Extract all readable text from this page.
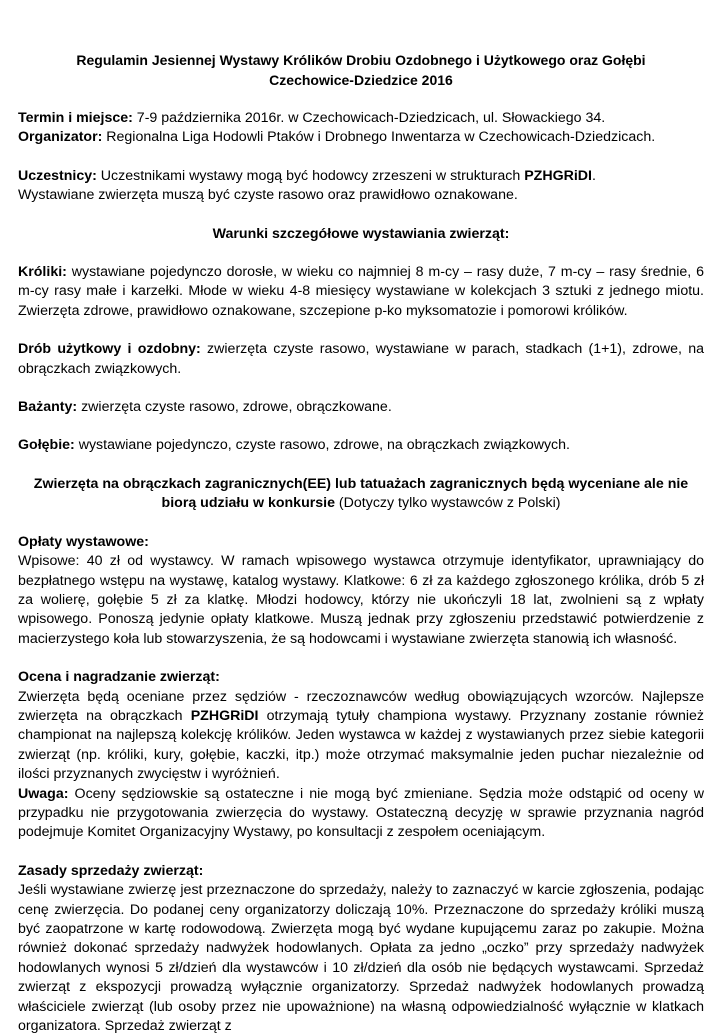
Regulamin Jesiennej Wystawy Królików Drobiu Ozdobnego i Użytkowego oraz Gołębi
Czechowice-Dziedzice 2016

Termin i miejsce: 7-9 października 2016r. w Czechowicach-Dziedzicach, ul. Słowackiego 34.

Organizator: Regionalna Liga Hodowli Ptaków i Drobnego Inwentarza w Czechowicach-Dziedzicach.

Uczestnicy: Uczestnikami wystawy mogą być hodowcy zrzeszeni w strukturach PZHGRiDI.

Wystawiane zwierzęta muszą być czyste rasowo oraz prawidłowo oznakowane.

Warunki szczegółowe wystawiania zwierząt:

Króliki: wystawiane pojedynczo dorosłe, w wieku co najmniej 8 m-cy – rasy duże, 7 m-cy – rasy średnie, 6 m-cy rasy małe i karzełki. Młode w wieku 4-8 miesięcy wystawiane w kolekcjach 3 sztuki z jednego miotu. Zwierzęta zdrowe, prawidłowo oznakowane, szczepione p-ko myksomatozie i pomorowi królików.

Drób użytkowy i ozdobny: zwierzęta czyste rasowo, wystawiane w parach, stadkach (1+1), zdrowe, na obrączkach związkowych.

Bażanty: zwierzęta czyste rasowo, zdrowe, obrączkowane.

Gołębie: wystawiane pojedynczo, czyste rasowo, zdrowe, na obrączkach związkowych.

Zwierzęta na obrączkach zagranicznych(EE) lub tatuażach zagranicznych będą wyceniane ale nie biorą udziału w konkursie (Dotyczy tylko wystawców z Polski)

Opłaty wystawowe:

Wpisowe: 40 zł od wystawcy. W ramach wpisowego wystawca otrzymuje identyfikator, uprawniający do bezpłatnego wstępu na wystawę, katalog wystawy. Klatkowe: 6 zł za każdego zgłoszonego królika, drób 5 zł za wolierę, gołębie 5 zł za klatkę. Młodzi hodowcy, którzy nie ukończyli 18 lat, zwolnieni są z wpłaty wpisowego. Ponoszą jedynie opłaty klatkowe. Muszą jednak przy zgłoszeniu przedstawić potwierdzenie z macierzystego koła lub stowarzyszenia, że są hodowcami i wystawiane zwierzęta stanowią ich własność.

Ocena i nagradzanie zwierząt:

Zwierzęta będą oceniane przez sędziów - rzeczoznawców według obowiązujących wzorców. Najlepsze zwierzęta na obrączkach PZHGRiDI otrzymają tytuły championa wystawy. Przyznany zostanie również championat na najlepszą kolekcję królików. Jeden wystawca w każdej z wystawianych przez siebie kategorii zwierząt (np. króliki, kury, gołębie, kaczki, itp.) może otrzymać maksymalnie jeden puchar niezależnie od ilości przyznanych zwycięstw i wyróżnień.

Uwaga: Oceny sędziowskie są ostateczne i nie mogą być zmieniane. Sędzia może odstąpić od oceny w przypadku nie przygotowania zwierzęcia do wystawy. Ostateczną decyzję w sprawie przyznania nagród podejmuje Komitet Organizacyjny Wystawy, po konsultacji z zespołem oceniającym.

Zasady sprzedaży zwierząt:

Jeśli wystawiane zwierzę jest przeznaczone do sprzedaży, należy to zaznaczyć w karcie zgłoszenia, podając cenę zwierzęcia. Do podanej ceny organizatorzy doliczają 10%. Przeznaczone do sprzedaży króliki muszą być zaopatrzone w kartę rodowodową. Zwierzęta mogą być wydane kupującemu zaraz po zakupie. Można również dokonać sprzedaży nadwyżek hodowlanych. Opłata za jedno „oczko” przy sprzedaży nadwyżek hodowlanych wynosi 5 zł/dzień dla wystawców i 10 zł/dzień dla osób nie będących wystawcami. Sprzedaż zwierząt z ekspozycji prowadzą wyłącznie organizatorzy. Sprzedaż nadwyżek hodowlanych prowadzą właściciele zwierząt (lub osoby przez nie upoważnione) na własną odpowiedzialność wyłącznie w klatkach organizatora. Sprzedaż zwierząt z
